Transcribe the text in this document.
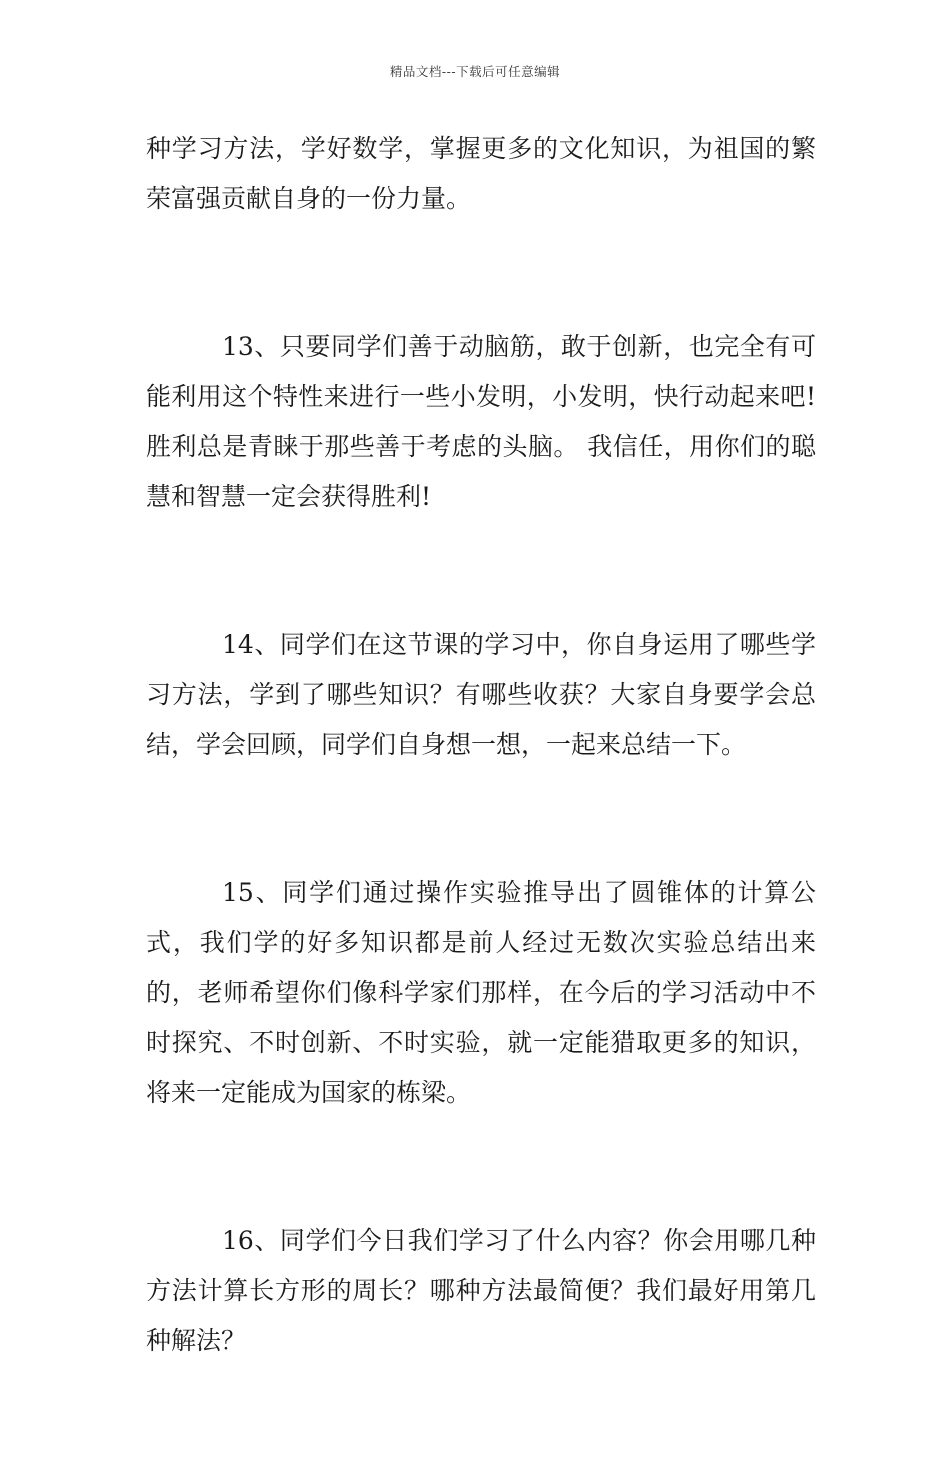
精品文档---下载后可任意编辑

种学习方法，学好数学，掌握更多的文化知识，为祖国的繁荣富强贡献自身的一份力量。

13、只要同学们善于动脑筋，敢于创新，也完全有可能利用这个特性来进行一些小发明，小发明，快行动起来吧!胜利总是青睐于那些善于考虑的头脑。 我信任，用你们的聪慧和智慧一定会获得胜利!

14、同学们在这节课的学习中，你自身运用了哪些学习方法，学到了哪些知识？有哪些收获？大家自身要学会总结，学会回顾，同学们自身想一想，一起来总结一下。

15、同学们通过操作实验推导出了圆锥体的计算公式，我们学的好多知识都是前人经过无数次实验总结出来的，老师希望你们像科学家们那样，在今后的学习活动中不时探究、不时创新、不时实验，就一定能猎取更多的知识，将来一定能成为国家的栋梁。

16、同学们今日我们学习了什么内容？你会用哪几种方法计算长方形的周长？哪种方法最简便？我们最好用第几种解法？
